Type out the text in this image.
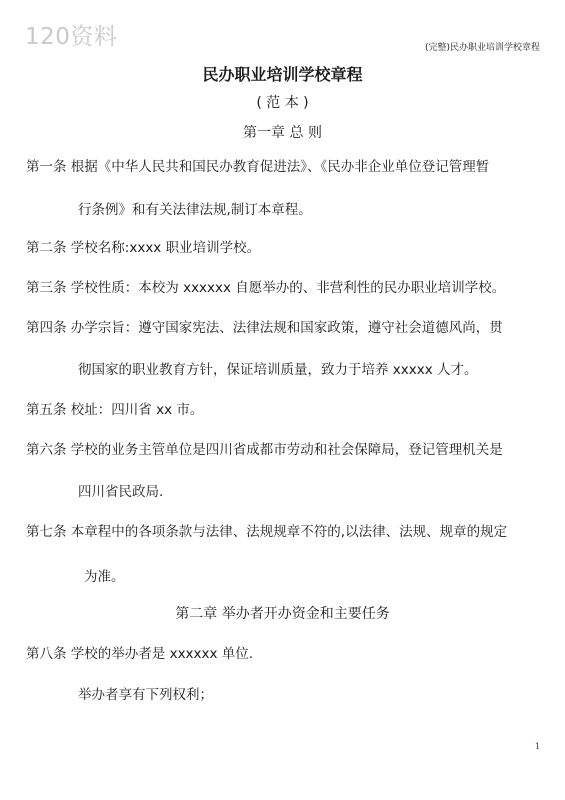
120资料	(完整)民办职业培训学校章程
民办职业培训学校章程
( 范 本 )
第一章 总 则
第一条 根据《中华人民共和国民办教育促进法》、《民办非企业单位登记管理暂
行条例》和有关法律法规,制订本章程。
第二条 学校名称:xxxx 职业培训学校。
第三条 学校性质：本校为 xxxxxx 自愿举办的、非营利性的民办职业培训学校。
第四条 办学宗旨：遵守国家宪法、法律法规和国家政策，遵守社会道德风尚，贯
彻国家的职业教育方针，保证培训质量，致力于培养 xxxxx 人才。
第五条 校址：四川省 xx 市。
第六条 学校的业务主管单位是四川省成都市劳动和社会保障局，登记管理机关是
四川省民政局.
第七条 本章程中的各项条款与法律、法规规章不符的,以法律、法规、规章的规定
为准。
第二章 举办者开办资金和主要任务
第八条 学校的举办者是 xxxxxx 单位.
举办者享有下列权利；
1
